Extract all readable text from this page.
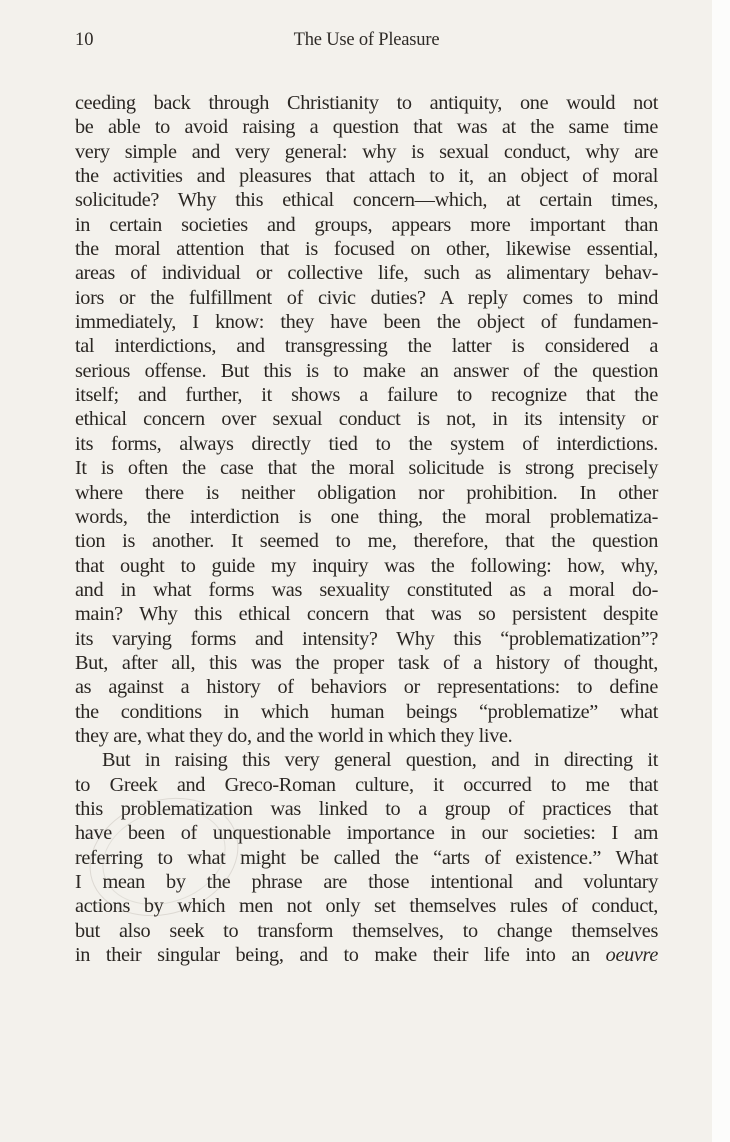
10	The Use of Pleasure
ceeding back through Christianity to antiquity, one would not
be able to avoid raising a question that was at the same time
very simple and very general: why is sexual conduct, why are
the activities and pleasures that attach to it, an object of moral
solicitude? Why this ethical concern—which, at certain times,
in certain societies and groups, appears more important than
the moral attention that is focused on other, likewise essential,
areas of individual or collective life, such as alimentary behav-
iors or the fulfillment of civic duties? A reply comes to mind
immediately, I know: they have been the object of fundamen-
tal interdictions, and transgressing the latter is considered a
serious offense. But this is to make an answer of the question
itself; and further, it shows a failure to recognize that the
ethical concern over sexual conduct is not, in its intensity or
its forms, always directly tied to the system of interdictions.
It is often the case that the moral solicitude is strong precisely
where there is neither obligation nor prohibition. In other
words, the interdiction is one thing, the moral problematiza-
tion is another. It seemed to me, therefore, that the question
that ought to guide my inquiry was the following: how, why,
and in what forms was sexuality constituted as a moral do-
main? Why this ethical concern that was so persistent despite
its varying forms and intensity? Why this “problematization”?
But, after all, this was the proper task of a history of thought,
as against a history of behaviors or representations: to define
the conditions in which human beings “problematize” what
they are, what they do, and the world in which they live.
But in raising this very general question, and in directing it
to Greek and Greco-Roman culture, it occurred to me that
this problematization was linked to a group of practices that
have been of unquestionable importance in our societies: I am
referring to what might be called the “arts of existence.” What
I mean by the phrase are those intentional and voluntary
actions by which men not only set themselves rules of conduct,
but also seek to transform themselves, to change themselves
in their singular being, and to make their life into an oeuvre
